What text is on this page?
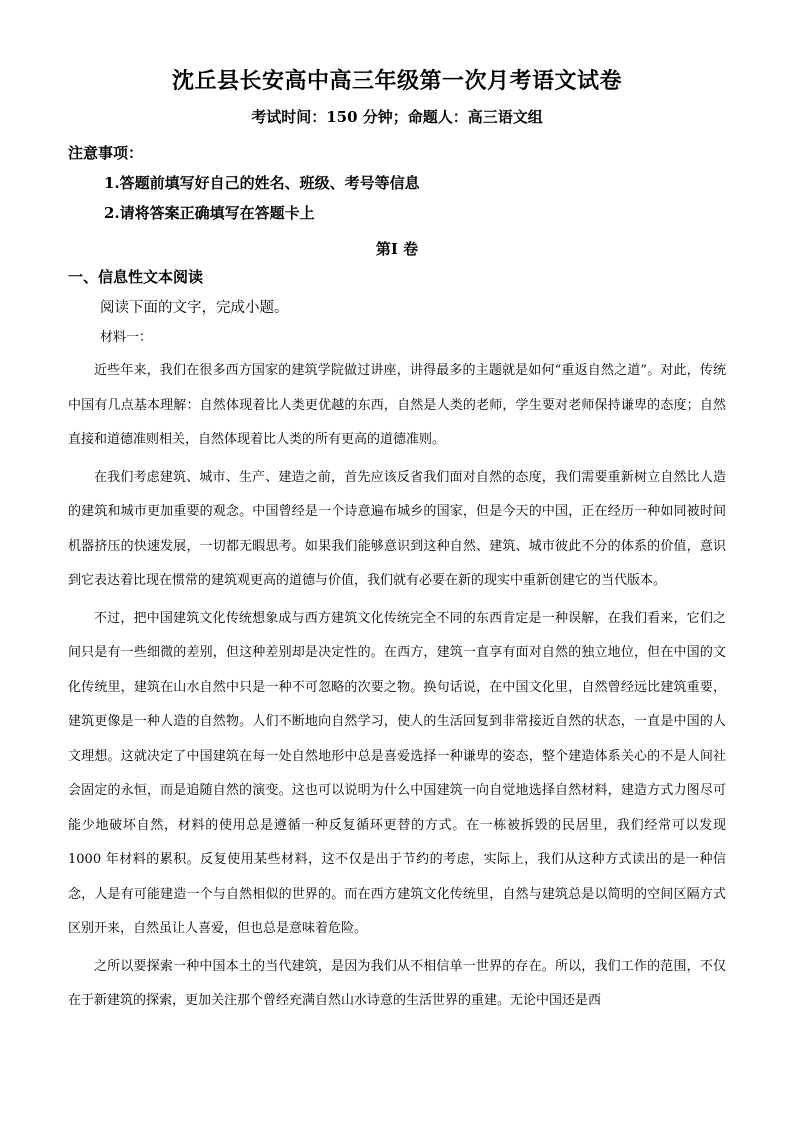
沈丘县长安高中高三年级第一次月考语文试卷
考试时间：150 分钟；命题人：高三语文组
注意事项：
1.答题前填写好自己的姓名、班级、考号等信息
2.请将答案正确填写在答题卡上
第Ⅰ 卷
一、信息性文本阅读
阅读下面的文字，完成小题。
材料一：

近些年来，我们在很多西方国家的建筑学院做过讲座，讲得最多的主题就是如何“重返自然之道”。对此，传统中国有几点基本理解：自然体现着比人类更优越的东西，自然是人类的老师，学生要对老师保持谦卑的态度；自然直接和道德准则相关，自然体现着比人类的所有更高的道德准则。

在我们考虑建筑、城市、生产、建造之前，首先应该反省我们面对自然的态度，我们需要重新树立自然比人造的建筑和城市更加重要的观念。中国曾经是一个诗意遍布城乡的国家，但是今天的中国，正在经历一种如同被时间机器挤压的快速发展，一切都无暇思考。如果我们能够意识到这种自然、建筑、城市彼此不分的体系的价值，意识到它表达着比现在惯常的建筑观更高的道德与价值，我们就有必要在新的现实中重新创建它的当代版本。

不过，把中国建筑文化传统想象成与西方建筑文化传统完全不同的东西肯定是一种误解，在我们看来，它们之间只是有一些细微的差别，但这种差别却是决定性的。在西方，建筑一直享有面对自然的独立地位，但在中国的文化传统里，建筑在山水自然中只是一种不可忽略的次要之物。换句话说，在中国文化里，自然曾经远比建筑重要，建筑更像是一种人造的自然物。人们不断地向自然学习，使人的生活回复到非常接近自然的状态，一直是中国的人文理想。这就决定了中国建筑在每一处自然地形中总是喜爱选择一种谦卑的姿态，整个建造体系关心的不是人间社会固定的永恒，而是追随自然的演变。这也可以说明为什么中国建筑一向自觉地选择自然材料，建造方式力图尽可能少地破坏自然，材料的使用总是遵循一种反复循环更替的方式。在一栋被拆毁的民居里，我们经常可以发现 1000 年材料的累积。反复使用某些材料，这不仅是出于节约的考虑，实际上，我们从这种方式读出的是一种信念，人是有可能建造一个与自然相似的世界的。而在西方建筑文化传统里，自然与建筑总是以简明的空间区隔方式区别开来，自然虽让人喜爱，但也总是意味着危险。

之所以要探索一种中国本土的当代建筑，是因为我们从不相信单一世界的存在。所以，我们工作的范围，不仅在于新建筑的探索，更加关注那个曾经充满自然山水诗意的生活世界的重建。无论中国还是西
